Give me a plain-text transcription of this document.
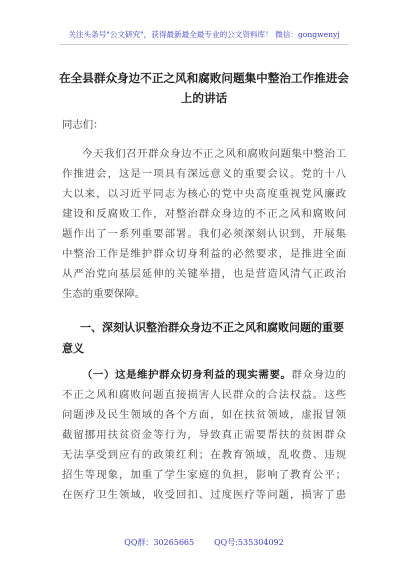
关注头条号"公文研究"，获得最新最全最专业的公文资料库！ 微信：gongwenyj
在全县群众身边不正之风和腐败问题集中整治工作推进会
上的讲话
同志们：
今天我们召开群众身边不正之风和腐败问题集中整治工
作推进会，这是一项具有深远意义的重要会议。党的十八
大以来，以习近平同志为核心的党中央高度重视党风廉政
建设和反腐败工作，对整治群众身边的不正之风和腐败问
题作出了一系列重要部署。我们必须深刻认识到，开展集
中整治工作是维护群众切身利益的必然要求，是推进全面
从严治党向基层延伸的关键举措，也是营造风清气正政治
生态的重要保障。
一、深刻认识整治群众身边不正之风和腐败问题的重要
意义
（一）这是维护群众切身利益的现实需要。群众身边的
不正之风和腐败问题直接损害人民群众的合法权益。这些
问题涉及民生领域的各个方面，如在扶贫领域，虚报冒领
截留挪用扶贫资金等行为，导致真正需要帮扶的贫困群众
无法享受到应有的政策红利；在教育领域，乱收费、违规
招生等现象，加重了学生家庭的负担，影响了教育公平；
在医疗卫生领域，收受回扣、过度医疗等问题，损害了患
QQ群：30265665	QQ号:535304092
